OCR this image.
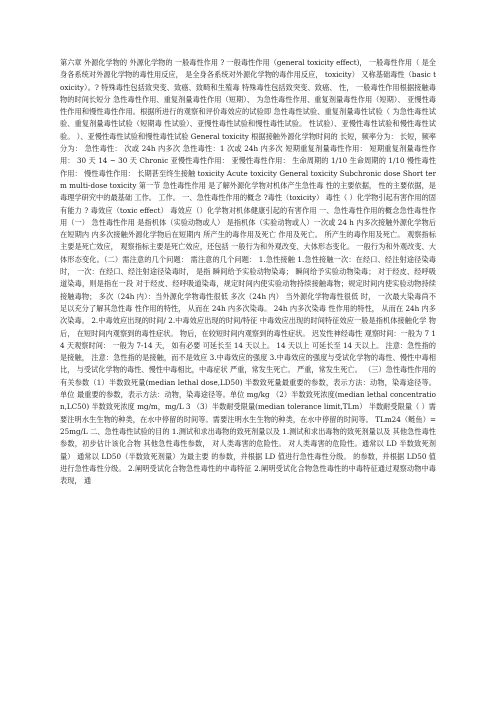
第六章 外源化学物的 外源化学物的 一般毒性作用 ? 一般毒性作用（general toxicity effect)， 一般毒性作用（ 是全身各系统对外源化学物的毒性用反应， 是全身各系统对外源化学物的毒作用反应， toxicity） 又称基础毒性（basic toxicity）。? 特殊毒性包括致突变、致癌、致畸和生殖毒 特殊毒性包括致突变、致癌、 性， 一般毒性作用根据接触毒物的时间长短分 急性毒性作用、重复剂量毒性作用（短期）、 为急性毒性作用、重复剂量毒性作用（短期）、 亚慢性毒性作用和慢性毒性作用。根据所进行的观察和评价毒效应的试验即 急性毒性试验、重复剂量毒性试验（ 为急性毒性试验、重复剂量毒性试验（短期毒 性试验）、亚慢性毒性试验和慢性毒性试验。 性试验）、亚慢性毒性试验和慢性毒性试验。 ）、亚慢性毒性试验和慢性毒性试验 General toxicity 根据接触外源化学物时间的 长短，频率分为： 长短，频率分为： 急性毒性： 次或 24h 内多次 急性毒性：1 次或 24h 内多次 短期重复剂量毒性作用： 短期重复剂量毒性作用： 30 天 14 ~ 30 天 Chronic 亚慢性毒性作用： 亚慢性毒性作用： 生命周期的 1/10 生命周期的 1/10 慢性毒性作用： 慢性毒性作用： 长期甚至终生接触 toxicity Acute toxicity General toxicity Subchronic dose Short term multi-dose toxicity 第一节 急性毒性作用 是了解外源化学物对机体产生急性毒 性的主要依据， 性的主要依据，是毒理学研究中的最基础 工作。 工作。 一、急性毒性作用的概念 ?毒性（toxicity） 毒性（ ）化学物引起有害作用的固有能力 ? 毒效应（toxic effect） 毒效应（）化学物对机体健康引起的有害作用 一、急性毒性作用的概念急性毒性作用（一） 急性毒性作用 是指机体（实验动物或人） 是指机体（实验动物或人）一次或 24 h 内多次接触外源化学物后在短期内 内多次接触外源化学物后在短期内 所产生的毒作用及死亡 作用及死亡。 所产生的毒作用及死亡。 观察指标主要是死亡效应， 观察指标主要是死亡效应，还包括 一般行为和外观改变、大体形态变化。 一般行为和外观改变、大体形态变化。（二）需注意的几个问题： 需注意的几个问题： 1.急性接触 1.急性接触一次：在经口、经注射途径染毒时， 一次：在经口、经注射途径染毒时， 是指 瞬间给予实验动物染毒； 瞬间给予实验动物染毒； 对于经皮、经呼吸道染毒，则是指在一段 对于经皮、经呼吸道染毒，规定时间内使实验动物持续接触毒物；规定时间内使实验动物持续接触毒物； 多次（24h 内）：当外源化学物毒性很低 多次（24h 内） 当外源化学物毒性很低 时， 一次最大染毒尚不足以充分了解其急性毒 性作用的特性， 从而在 24h 内多次染毒。 24h 内多次染毒 性作用的特性， 从而在 24h 内多次染毒。 2.中毒效应出现的时间/ 2.中毒效应出现的时间/特征 中毒效应出现的时间特征效应一般是指机体接触化学 物后， 在短时间内观察到的毒性症状。 物后，在较短时间内观察到的毒性症状。 迟发性神经毒性 观察时间：一般为 7 14 天观察时间： 一般为 7-14 天， 如有必要 可延长至 14 天以上。 14 天以上 可延长至 14 天以上。 注意：急性指的是接触， 注意：急性指的是接触，而不是效应 3.中毒效应的强度 3.中毒效应的强度与受试化学物的毒性、慢性中毒相比， 与受试化学物的毒性、慢性中毒相比，中毒症状 严重，常发生死亡。 严重，常发生死亡。 （三）急性毒性作用的有关参数（1）半数致死量(median lethal dose,LD50) 半数致死量最重要的参数，表示方法：动物，染毒途径等。单位 最重要的参数，表示方法：动物，染毒途径等。单位 mg/kg （2）半数致死浓度(median lethal concentration,LC50) 半数致死浓度 mg/m，mg/L 3 （3）半数耐受限量(median tolerance limit,TLm） 半数耐受限量（ ）需要注明水生生物的种类，在水中停留的时间等。需要注明水生生物的种类，在水中停留的时间等。 TLm24（鲢鱼）=25mg/L 二、急性毒性试验的目的 1.测试和求出毒物的致死剂量以及 1.测试和求出毒物的致死剂量以及 其他急性毒性参数，初步估计该化合物 其他急性毒性参数， 对人类毒害的危险性。 对人类毒害的危险性。通常以 LD 半数致死剂量） 通常以 LD50（半数致死剂量）为最主要 的参数，并根据 LD 值进行急性毒性分级。 的参数，并根据 LD50 值进行急性毒性分级。 2.阐明受试化合物急性毒性的中毒特征 2.阐明受试化合物急性毒性的中毒特征通过观察动物中毒表现， 通
